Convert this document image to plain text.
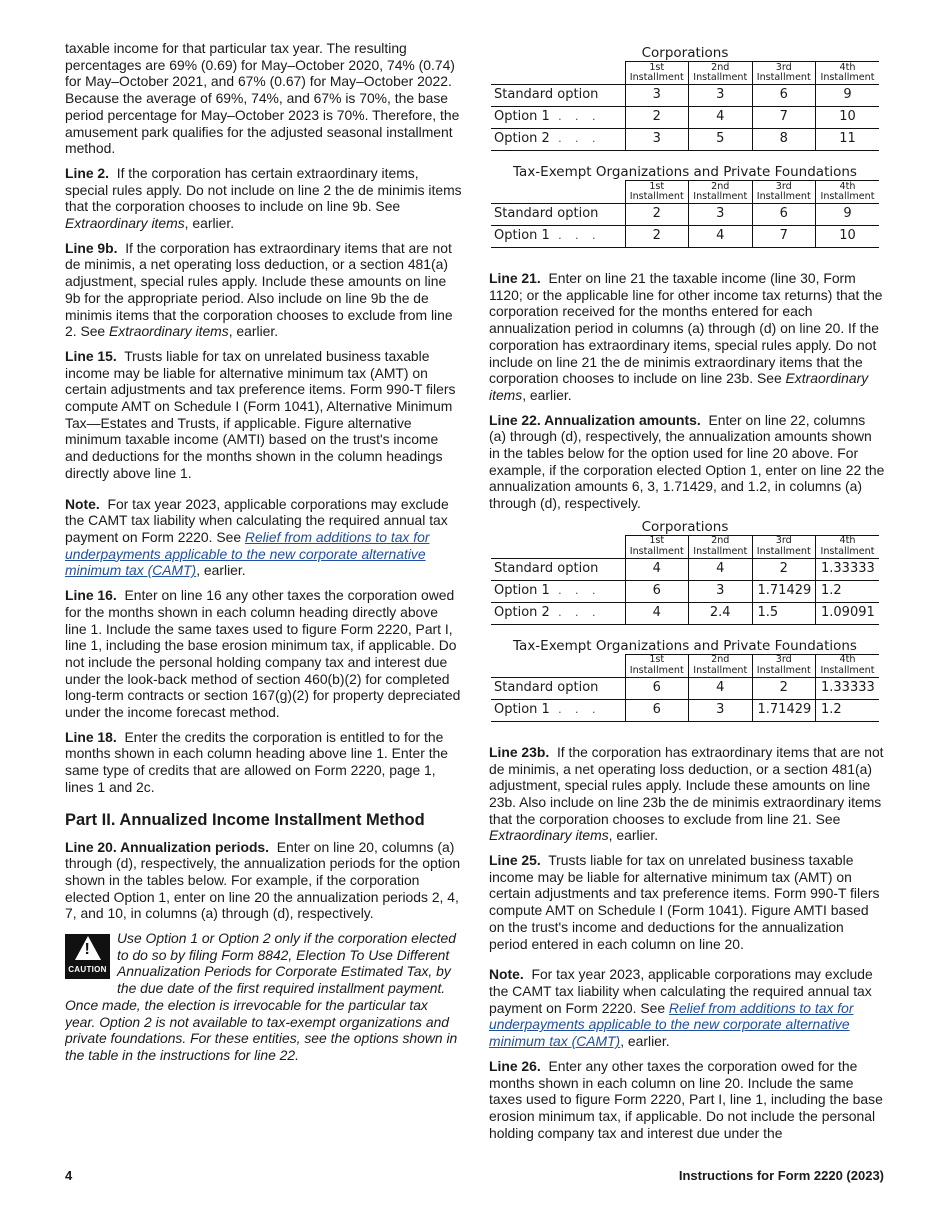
taxable income for that particular tax year. The resulting percentages are 69% (0.69) for May–October 2020, 74% (0.74) for May–October 2021, and 67% (0.67) for May–October 2022. Because the average of 69%, 74%, and 67% is 70%, the base period percentage for May–October 2023 is 70%. Therefore, the amusement park qualifies for the adjusted seasonal installment method.

Line 2. If the corporation has certain extraordinary items, special rules apply. Do not include on line 2 the de minimis items that the corporation chooses to include on line 9b. See Extraordinary items, earlier.

Line 9b. If the corporation has extraordinary items that are not de minimis, a net operating loss deduction, or a section 481(a) adjustment, special rules apply. Include these amounts on line 9b for the appropriate period. Also include on line 9b the de minimis items that the corporation chooses to exclude from line 2. See Extraordinary items, earlier.

Line 15. Trusts liable for tax on unrelated business taxable income may be liable for alternative minimum tax (AMT) on certain adjustments and tax preference items. Form 990-T filers compute AMT on Schedule I (Form 1041), Alternative Minimum Tax—Estates and Trusts, if applicable. Figure alternative minimum taxable income (AMTI) based on the trust's income and deductions for the months shown in the column headings directly above line 1.

Note. For tax year 2023, applicable corporations may exclude the CAMT tax liability when calculating the required annual tax payment on Form 2220. See Relief from additions to tax for underpayments applicable to the new corporate alternative minimum tax (CAMT), earlier.

Line 16. Enter on line 16 any other taxes the corporation owed for the months shown in each column heading directly above line 1. Include the same taxes used to figure Form 2220, Part I, line 1, including the base erosion minimum tax, if applicable. Do not include the personal holding company tax and interest due under the look-back method of section 460(b)(2) for completed long-term contracts or section 167(g)(2) for property depreciated under the income forecast method.

Line 18. Enter the credits the corporation is entitled to for the months shown in each column heading above line 1. Enter the same type of credits that are allowed on Form 2220, page 1, lines 1 and 2c.

Part II. Annualized Income Installment Method

Line 20. Annualization periods. Enter on line 20, columns (a) through (d), respectively, the annualization periods for the option shown in the tables below. For example, if the corporation elected Option 1, enter on line 20 the annualization periods 2, 4, 7, and 10, in columns (a) through (d), respectively.

!
CAUTION
Use Option 1 or Option 2 only if the corporation elected to do so by filing Form 8842, Election To Use Different Annualization Periods for Corporate Estimated Tax, by the due date of the first required installment payment. Once made, the election is irrevocable for the particular tax year. Option 2 is not available to tax-exempt organizations and private foundations. For these entities, see the options shown in the table in the instructions for line 22.
Corporations
	1st Installment	2nd Installment	3rd Installment	4th Installment
Standard option	3	3	6	9
Option 1 . . .	2	4	7	10
Option 2 . . .	3	5	8	11
Tax-Exempt Organizations and Private Foundations
	1st Installment	2nd Installment	3rd Installment	4th Installment
Standard option	2	3	6	9
Option 1 . . .	2	4	7	10

Line 21. Enter on line 21 the taxable income (line 30, Form 1120; or the applicable line for other income tax returns) that the corporation received for the months entered for each annualization period in columns (a) through (d) on line 20. If the corporation has extraordinary items, special rules apply. Do not include on line 21 the de minimis extraordinary items that the corporation chooses to include on line 23b. See Extraordinary items, earlier.

Line 22. Annualization amounts. Enter on line 22, columns (a) through (d), respectively, the annualization amounts shown in the tables below for the option used for line 20 above. For example, if the corporation elected Option 1, enter on line 22 the annualization amounts 6, 3, 1.71429, and 1.2, in columns (a) through (d), respectively.

Corporations
	1st Installment	2nd Installment	3rd Installment	4th Installment
Standard option	4	4	2	1.33333
Option 1 . . .	6	3	1.71429	1.2
Option 2 . . .	4	2.4	1.5	1.09091
Tax-Exempt Organizations and Private Foundations
	1st Installment	2nd Installment	3rd Installment	4th Installment
Standard option	6	4	2	1.33333
Option 1 . . .	6	3	1.71429	1.2

Line 23b. If the corporation has extraordinary items that are not de minimis, a net operating loss deduction, or a section 481(a) adjustment, special rules apply. Include these amounts on line 23b. Also include on line 23b the de minimis extraordinary items that the corporation chooses to exclude from line 21. See Extraordinary items, earlier.

Line 25. Trusts liable for tax on unrelated business taxable income may be liable for alternative minimum tax (AMT) on certain adjustments and tax preference items. Form 990-T filers compute AMT on Schedule I (Form 1041). Figure AMTI based on the trust's income and deductions for the annualization period entered in each column on line 20.

Note. For tax year 2023, applicable corporations may exclude the CAMT tax liability when calculating the required annual tax payment on Form 2220. See Relief from additions to tax for underpayments applicable to the new corporate alternative minimum tax (CAMT), earlier.

Line 26. Enter any other taxes the corporation owed for the months shown in each column on line 20. Include the same taxes used to figure Form 2220, Part I, line 1, including the base erosion minimum tax, if applicable. Do not include the personal holding company tax and interest due under the

4	Instructions for Form 2220 (2023)
